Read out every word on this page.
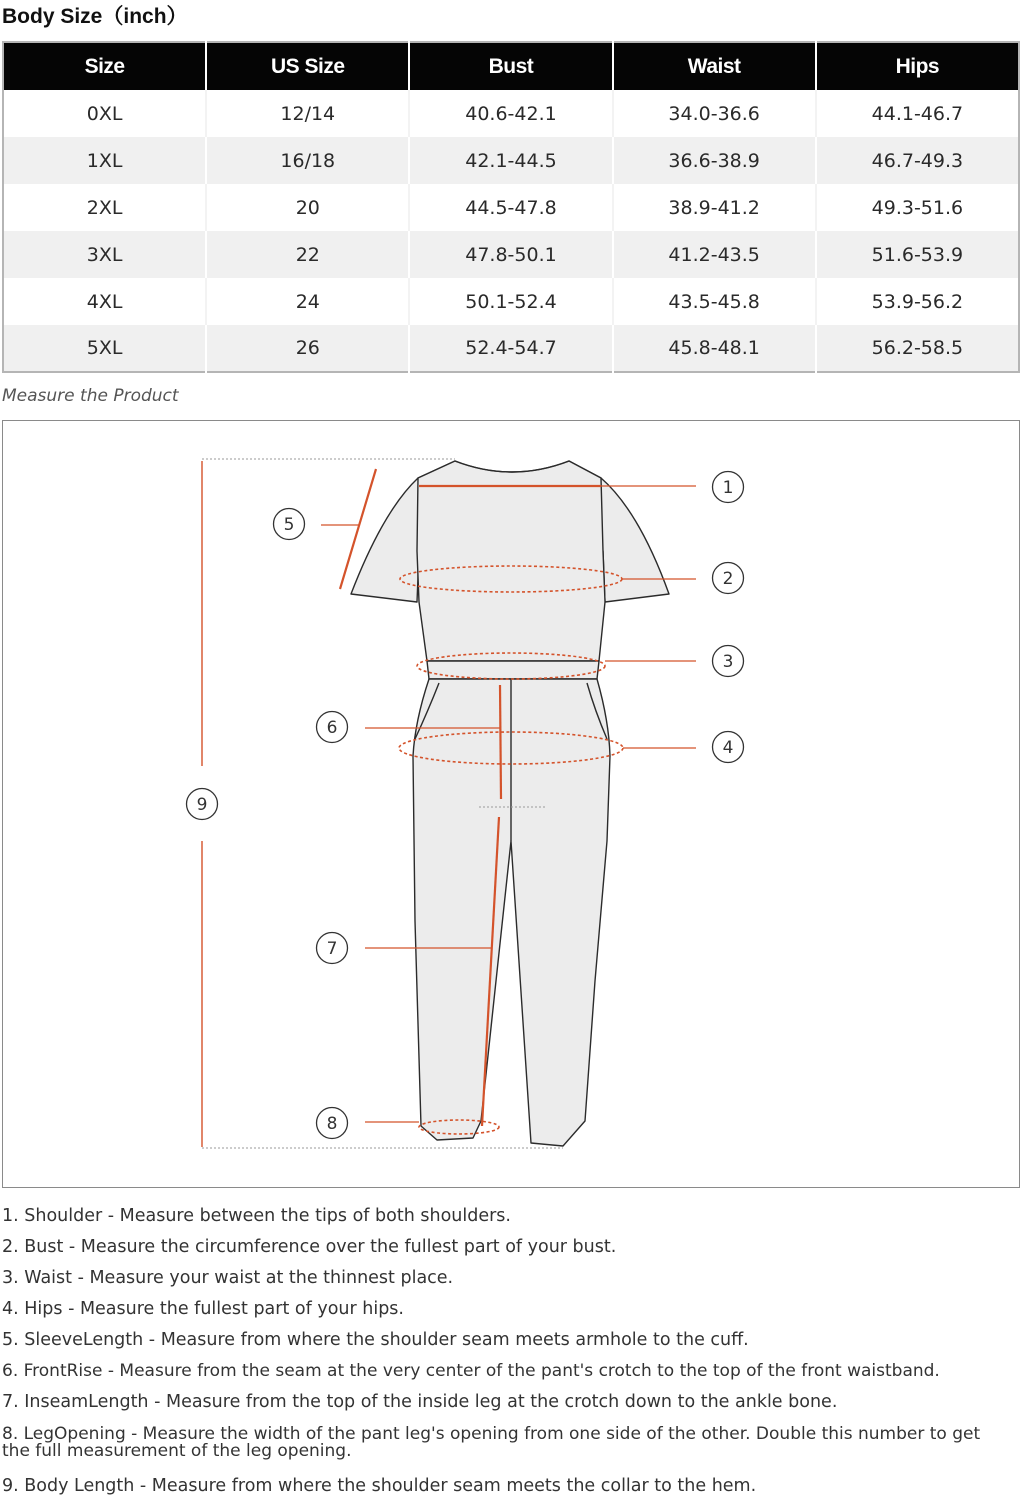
Body Size（inch）
Size	US Size	Bust	Waist	Hips
0XL	12/14	40.6-42.1	34.0-36.6	44.1-46.7
1XL	16/18	42.1-44.5	36.6-38.9	46.7-49.3
2XL	20	44.5-47.8	38.9-41.2	49.3-51.6
3XL	22	47.8-50.1	41.2-43.5	51.6-53.9
4XL	24	50.1-52.4	43.5-45.8	53.9-56.2
5XL	26	52.4-54.7	45.8-48.1	56.2-58.5
Measure the Product
1
2
3
4
5
6
7
8
9
1. Shoulder - Measure between the tips of both shoulders.
2. Bust - Measure the circumference over the fullest part of your bust.
3. Waist - Measure your waist at the thinnest place.
4. Hips - Measure the fullest part of your hips.
5. SleeveLength - Measure from where the shoulder seam meets armhole to the cuff.
6. FrontRise - Measure from the seam at the very center of the pant's crotch to the top of the front waistband.
7. InseamLength - Measure from the top of the inside leg at the crotch down to the ankle bone.
8. LegOpening - Measure the width of the pant leg's opening from one side of the other. Double this number to get the full measurement of the leg opening.
9. Body Length - Measure from where the shoulder seam meets the collar to the hem.
